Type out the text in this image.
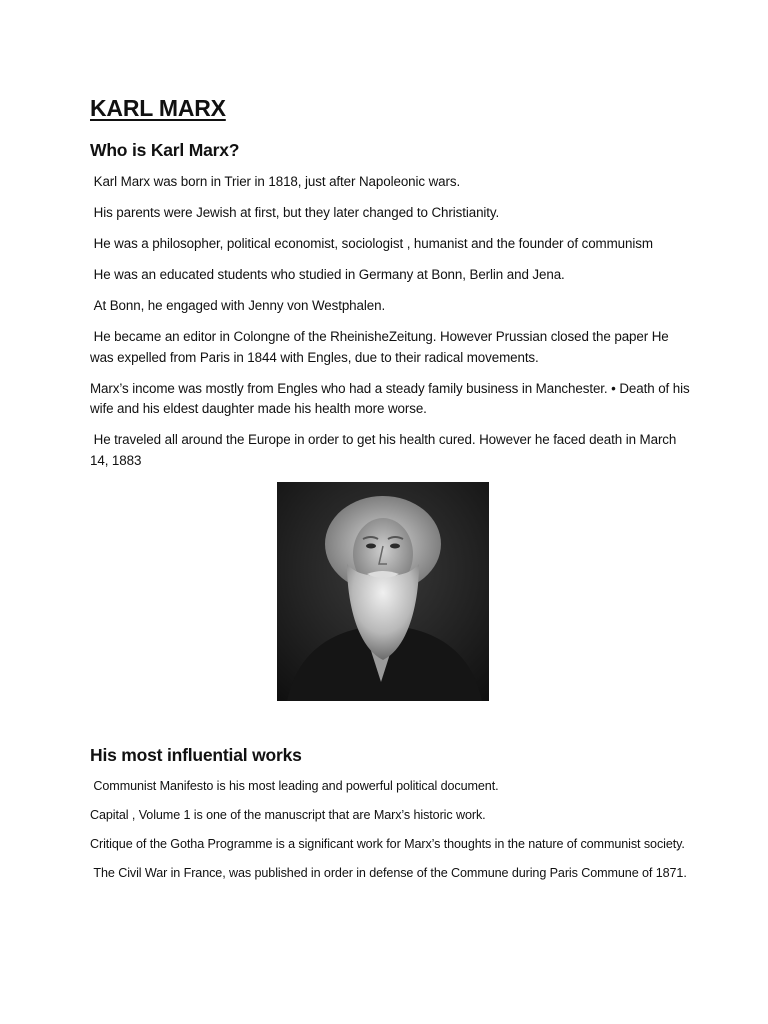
KARL MARX
Who is Karl Marx?

Karl Marx was born in Trier in 1818, just after Napoleonic wars.

His parents were Jewish at first, but they later changed to Christianity.

He was a philosopher, political economist, sociologist , humanist and the founder of communism

He was an educated students who studied in Germany at Bonn, Berlin and Jena.

At Bonn, he engaged with Jenny von Westphalen.

He became an editor in Colongne of the RheinisheZeitung. However Prussian closed the paper He was expelled from Paris in 1844 with Engles, due to their radical movements.

Marx’s income was mostly from Engles who had a steady family business in Manchester. • Death of his wife and his eldest daughter made his health more worse.

He traveled all around the Europe in order to get his health cured. However he faced death in March 14, 1883

His most influential works

Communist Manifesto is his most leading and powerful political document.

Capital , Volume 1 is one of the manuscript that are Marx’s historic work.

Critique of the Gotha Programme is a significant work for Marx’s thoughts in the nature of communist society.

The Civil War in France, was published in order in defense of the Commune during Paris Commune of 1871.
